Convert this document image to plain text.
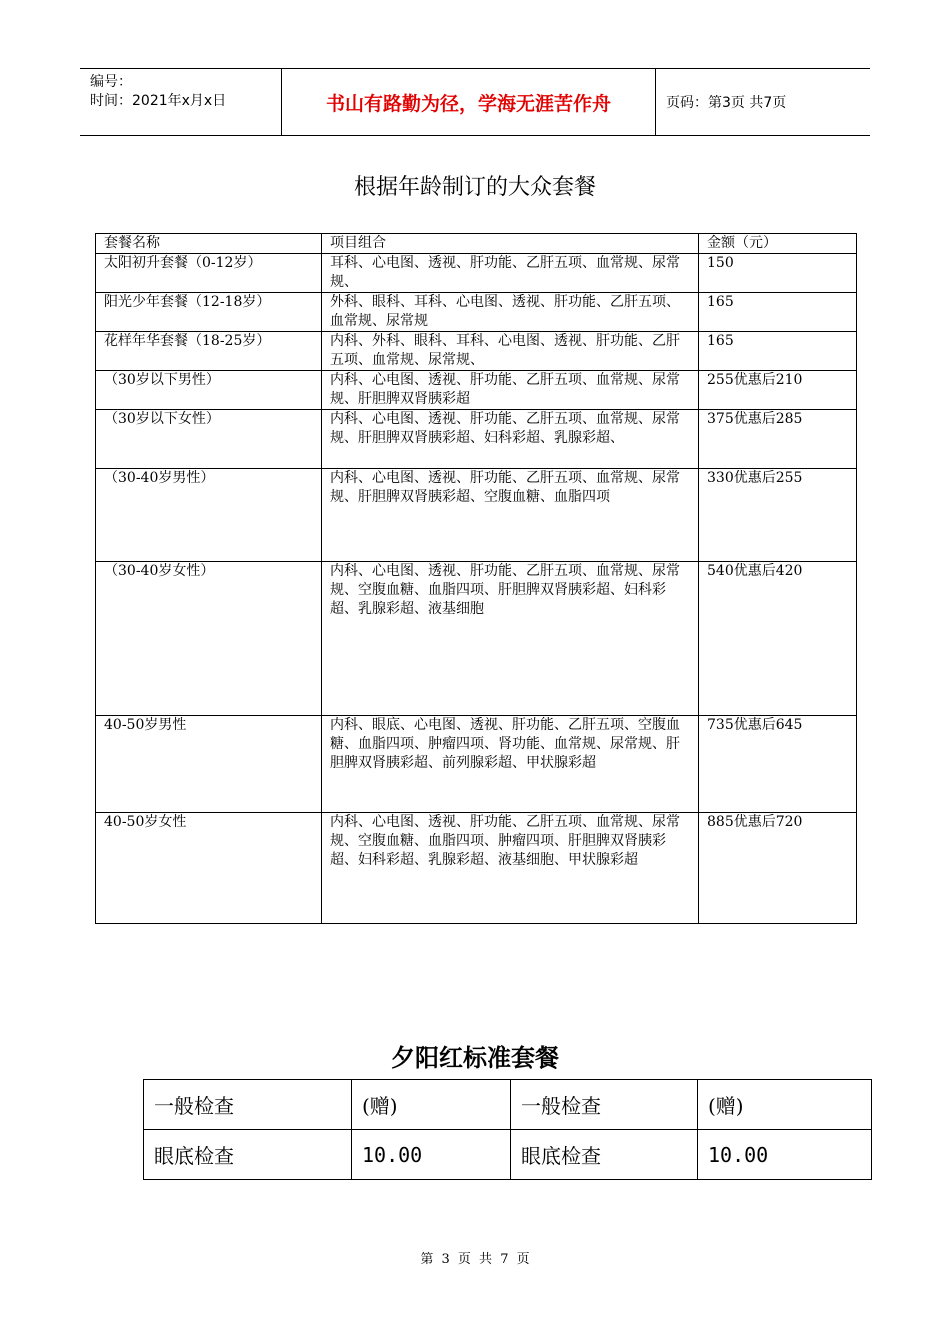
编号：
时间：2021年x月x日	书山有路勤为径，学海无涯苦作舟	页码：第3页 共7页
根据年龄制订的大众套餐
套餐名称	项目组合	金额（元）
太阳初升套餐（0-12岁）	耳科、心电图、透视、肝功能、乙肝五项、血常规、尿常规、	150
阳光少年套餐（12-18岁）	外科、眼科、耳科、心电图、透视、肝功能、乙肝五项、血常规、尿常规	165
花样年华套餐（18-25岁）	内科、外科、眼科、耳科、心电图、透视、肝功能、乙肝五项、血常规、尿常规、	165
（30岁以下男性）	内科、心电图、透视、肝功能、乙肝五项、血常规、尿常规、肝胆脾双肾胰彩超	255优惠后210
（30岁以下女性）	内科、心电图、透视、肝功能、乙肝五项、血常规、尿常规、肝胆脾双肾胰彩超、妇科彩超、乳腺彩超、	375优惠后285
（30-40岁男性）	内科、心电图、透视、肝功能、乙肝五项、血常规、尿常规、肝胆脾双肾胰彩超、空腹血糖、血脂四项	330优惠后255
（30-40岁女性）	内科、心电图、透视、肝功能、乙肝五项、血常规、尿常规、空腹血糖、血脂四项、肝胆脾双肾胰彩超、妇科彩超、乳腺彩超、液基细胞	540优惠后420
40-50岁男性	内科、眼底、心电图、透视、肝功能、乙肝五项、空腹血糖、血脂四项、肿瘤四项、肾功能、血常规、尿常规、肝胆脾双肾胰彩超、前列腺彩超、甲状腺彩超	735优惠后645
40-50岁女性	内科、心电图、透视、肝功能、乙肝五项、血常规、尿常规、空腹血糖、血脂四项、肿瘤四项、肝胆脾双肾胰彩超、妇科彩超、乳腺彩超、液基细胞、甲状腺彩超	885优惠后720
夕阳红标准套餐
一般检查	(赠)	一般检查	(赠)
眼底检查	10.00	眼底检查	10.00
第 3 页 共 7 页
